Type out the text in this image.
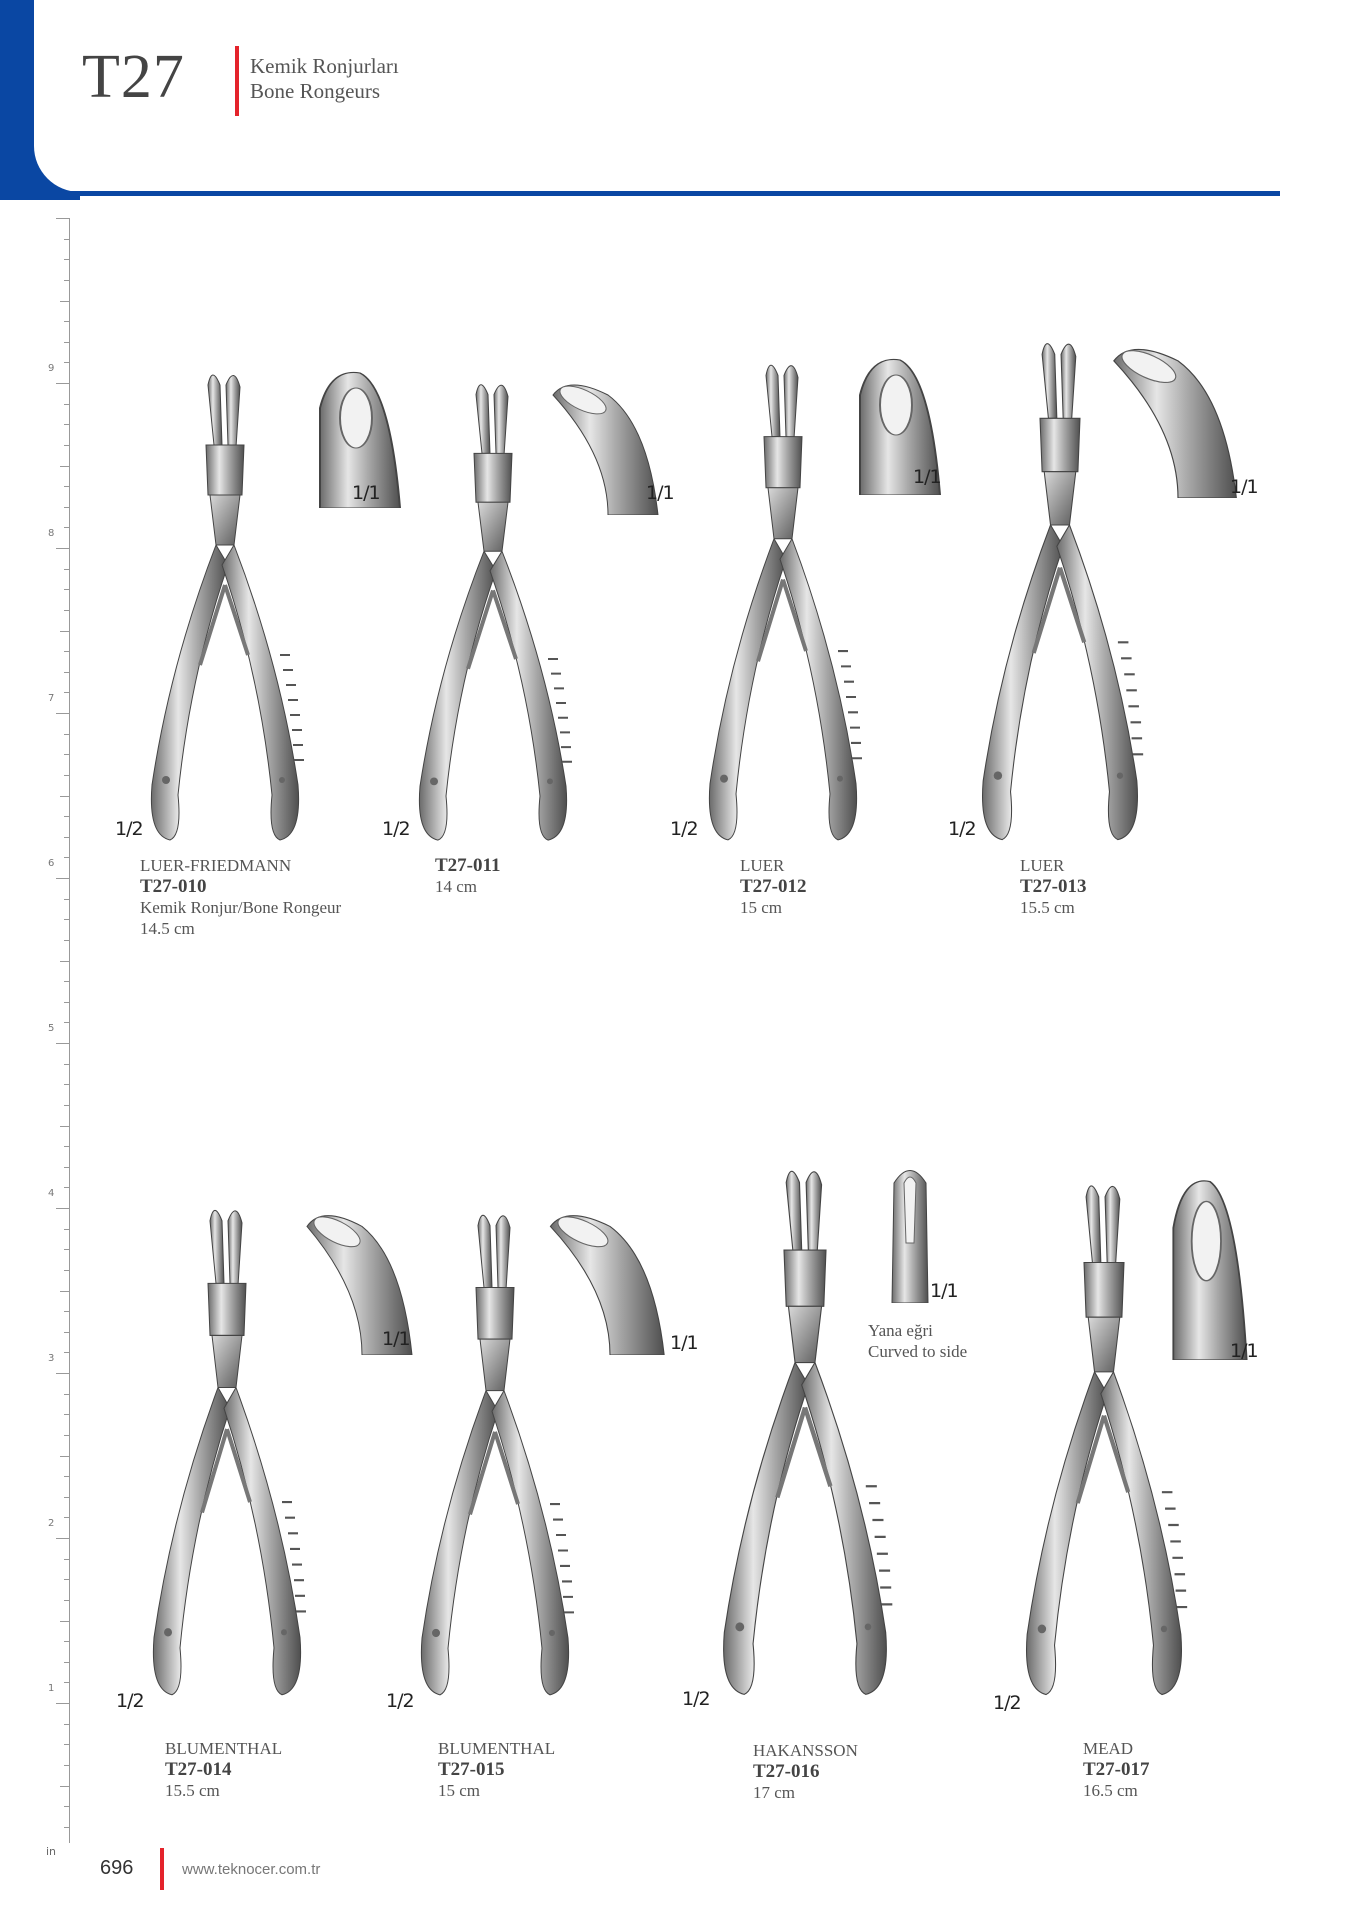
T27	Kemik Ronjurları
Bone Rongeurs
9
8
7
6
5
4
3
2
1
in
1/1
1/2
1/1
1/2
1/1
1/2
1/1
1/2
1/1
1/2
1/1
1/2
1/1
1/2
1/1
1/2
LUER-FRIEDMANN
T27-010
Kemik Ronjur/Bone Rongeur
14.5 cm
T27-011
14 cm
LUER
T27-012
15 cm
LUER
T27-013
15.5 cm
Yana eğri
Curved to side
BLUMENTHAL
T27-014
15.5 cm
BLUMENTHAL
T27-015
15 cm
HAKANSSON
T27-016
17 cm
MEAD
T27-017
16.5 cm
696	www.teknocer.com.tr
